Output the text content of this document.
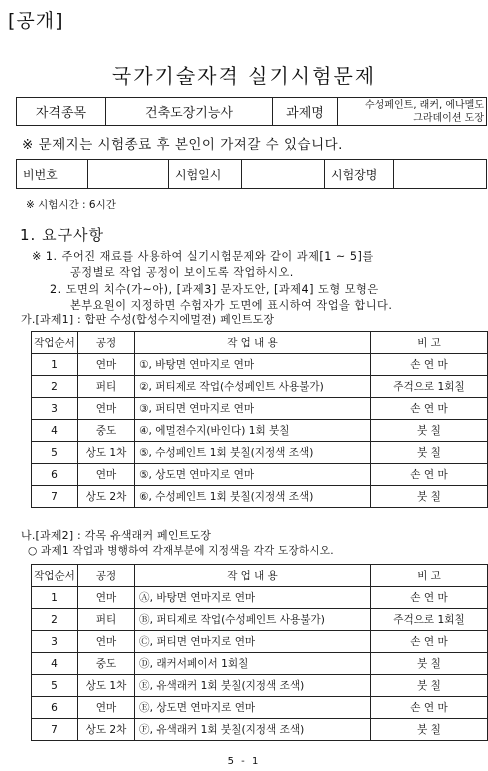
[공개]
국가기술자격 실기시험문제
자격종목	건축도장기능사	과제명	
수성페인트, 래커, 에나멜도
그라데이션 도장
※ 문제지는 시험종료 후 본인이 가져갈 수 있습니다.
비번호		시험일시		시험장명	
※ 시험시간 : 6시간
1. 요구사항
※ 1. 주어진 재료를 사용하여 실기시험문제와 같이 과제[1 ~ 5]를
공정별로 작업 공정이 보이도록 작업하시오.
2. 도면의 치수(가~아), [과제3] 문자도안, [과제4] 도형 모형은
본부요원이 지정하면 수험자가 도면에 표시하여 작업을 합니다.
가.[과제1] : 합판 수성(합성수지에멀젼) 페인트도장
작업순서	공정	작 업 내 용	비 고
1	연마	①, 바탕면 연마지로 연마	손 연 마
2	퍼티	②, 퍼티제로 작업(수성페인트 사용불가)	주걱으로 1회칠
3	연마	③, 퍼티면 연마지로 연마	손 연 마
4	중도	④, 에멀젼수지(바인다) 1회 붓칠	붓 칠
5	상도 1차	⑤, 수성페인트 1회 붓칠(지정색 조색)	붓 칠
6	연마	⑤, 상도면 연마지로 연마	손 연 마
7	상도 2차	⑥, 수성페인트 1회 붓칠(지정색 조색)	붓 칠
나.[과제2] : 각목 유색래커 페인트도장
○ 과제1 작업과 병행하여 각재부분에 지정색을 각각 도장하시오.
작업순서	공정	작 업 내 용	비 고
1	연마	Ⓐ, 바탕면 연마지로 연마	손 연 마
2	퍼티	Ⓑ, 퍼티제로 작업(수성페인트 사용불가)	주걱으로 1회칠
3	연마	Ⓒ, 퍼티면 연마지로 연마	손 연 마
4	중도	Ⓓ, 래커서페이서 1회칠	붓 칠
5	상도 1차	Ⓔ, 유색래커 1회 붓칠(지정색 조색)	붓 칠
6	연마	Ⓔ, 상도면 연마지로 연마	손 연 마
7	상도 2차	Ⓕ, 유색래커 1회 붓칠(지정색 조색)	붓 칠
5 - 1
